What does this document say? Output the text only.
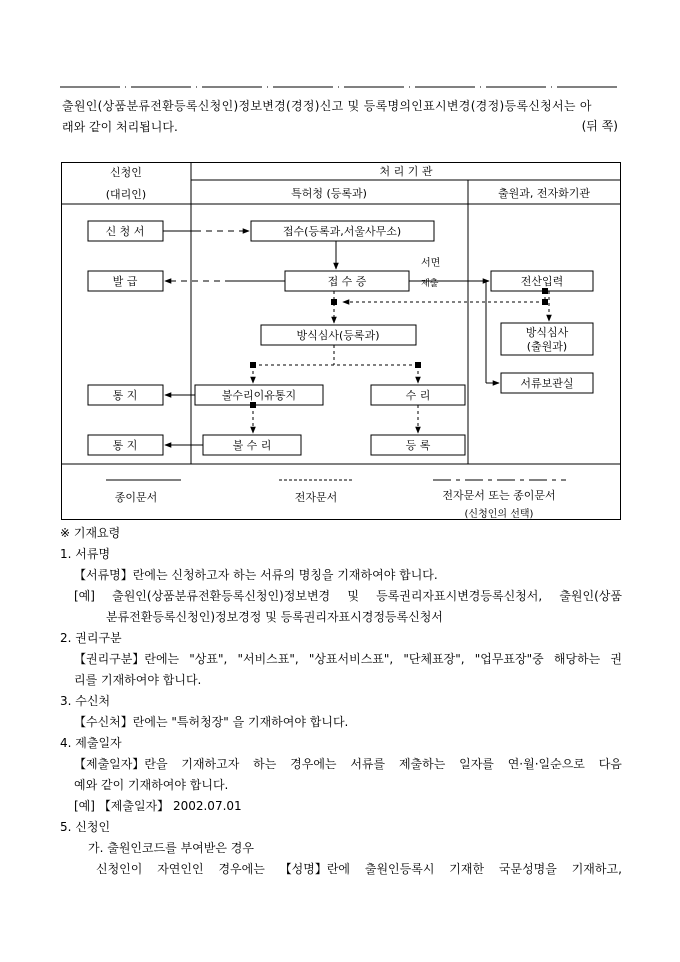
출원인(상품분류전환등록신청인)정보변경(경정)신고 및 등록명의인표시변경(경정)등록신청서는 아
래와 같이 처리됩니다.	(뒤 쪽)
신청인
(대리인)
처 리 기 관
특허청 (등록과)	출원과, 전자화기관
신 청 서	접수(등록과,서울사무소)
발 급	접 수 증
서면
제출	전산입력
방식심사(등록과)	방식심사
(출원과)
서류보관실
통 지	불수리이유통지	수 리
통 지	불 수 리	등 록
종이문서	전자문서	전자문서 또는 종이문서
(신청인의 선택)
※ 기재요령
1. 서류명
【서류명】란에는 신청하고자 하는 서류의 명칭을 기재하여야 합니다.
[예] 출원인(상품분류전환등록신청인)정보변경 및 등록권리자표시변경등록신청서, 출원인(상품
분류전환등록신청인)정보경정 및 등록권리자표시경정등록신청서
2. 권리구분
【권리구분】란에는 "상표", "서비스표", "상표서비스표", "단체표장", "업무표장"중 해당하는 권
리를 기재하여야 합니다.
3. 수신처
【수신처】란에는 "특허청장" 을 기재하여야 합니다.
4. 제출일자
【제출일자】란을 기재하고자 하는 경우에는 서류를 제출하는 일자를 연·월·일순으로 다음
예와 같이 기재하여야 합니다.
[예] 【제출일자】 2002.07.01
5. 신청인
가. 출원인코드를 부여받은 경우
신청인이 자연인인 경우에는 【성명】란에 출원인등록시 기재한 국문성명을 기재하고,
